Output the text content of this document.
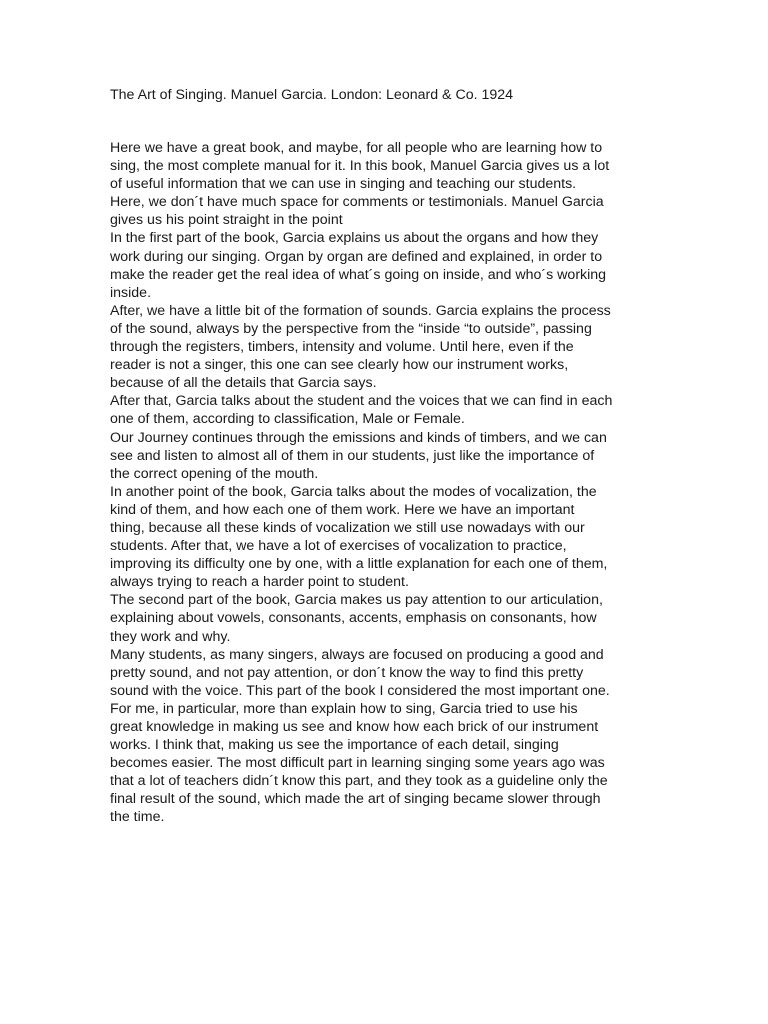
The Art of Singing. Manuel Garcia. London: Leonard & Co. 1924

Here we have a great book, and maybe, for all people who are learning how to
sing, the most complete manual for it. In this book, Manuel Garcia gives us a lot
of useful information that we can use in singing and teaching our students.
Here, we don´t have much space for comments or testimonials. Manuel Garcia
gives us his point straight in the point

In the first part of the book, Garcia explains us about the organs and how they
work during our singing. Organ by organ are defined and explained, in order to
make the reader get the real idea of what´s going on inside, and who´s working
inside.

After, we have a little bit of the formation of sounds. Garcia explains the process
of the sound, always by the perspective from the “inside “to outside”, passing
through the registers, timbers, intensity and volume. Until here, even if the
reader is not a singer, this one can see clearly how our instrument works,
because of all the details that Garcia says.

After that, Garcia talks about the student and the voices that we can find in each
one of them, according to classification, Male or Female.

Our Journey continues through the emissions and kinds of timbers, and we can
see and listen to almost all of them in our students, just like the importance of
the correct opening of the mouth.

In another point of the book, Garcia talks about the modes of vocalization, the
kind of them, and how each one of them work. Here we have an important
thing, because all these kinds of vocalization we still use nowadays with our
students. After that, we have a lot of exercises of vocalization to practice,
improving its difficulty one by one, with a little explanation for each one of them,
always trying to reach a harder point to student.

The second part of the book, Garcia makes us pay attention to our articulation,
explaining about vowels, consonants, accents, emphasis on consonants, how
they work and why.

Many students, as many singers, always are focused on producing a good and
pretty sound, and not pay attention, or don´t know the way to find this pretty
sound with the voice. This part of the book I considered the most important one.
For me, in particular, more than explain how to sing, Garcia tried to use his
great knowledge in making us see and know how each brick of our instrument
works. I think that, making us see the importance of each detail, singing
becomes easier. The most difficult part in learning singing some years ago was
that a lot of teachers didn´t know this part, and they took as a guideline only the
final result of the sound, which made the art of singing became slower through
the time.
